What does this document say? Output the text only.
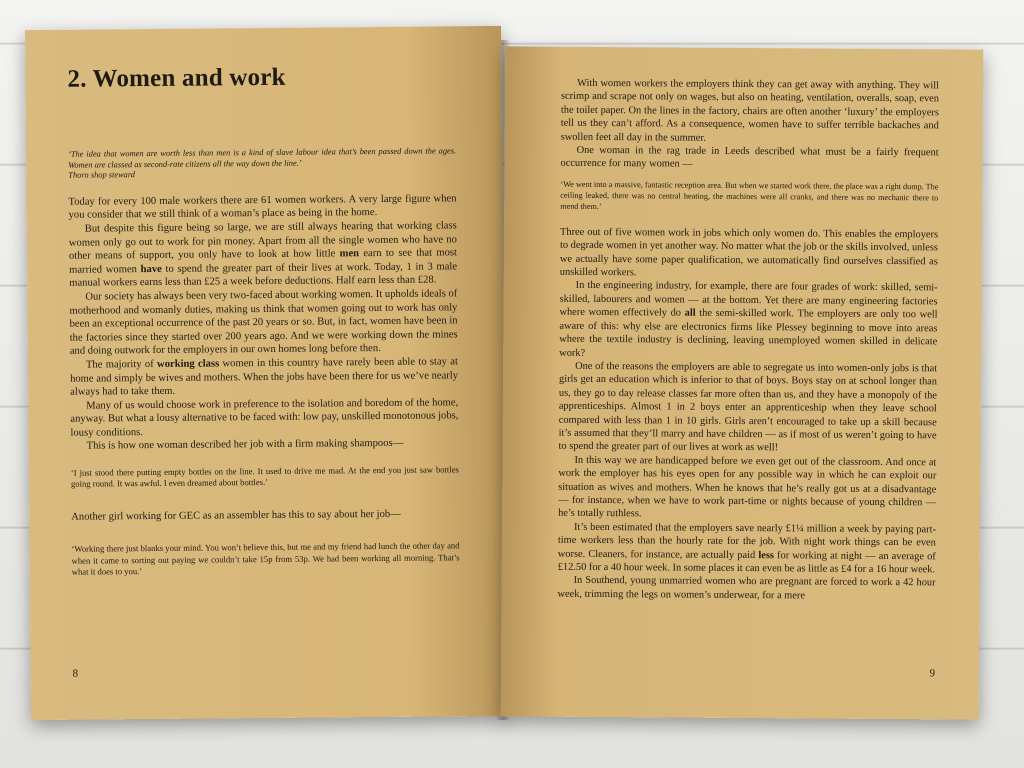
2. Women and work

‘The idea that women are worth less than men is a kind of slave labour idea that’s been passed down the ages. Women are classed as second-rate citizens all the way down the line.’

Thorn shop steward

Today for every 100 male workers there are 61 women workers. A very large figure when you consider that we still think of a woman’s place as being in the home.

But despite this figure being so large, we are still always hearing that working class women only go out to work for pin money. Apart from all the single women who have no other means of support, you only have to look at how little men earn to see that most married women have to spend the greater part of their lives at work. Today, 1 in 3 male manual workers earns less than £25 a week before deductions. Half earn less than £28.

Our society has always been very two-faced about working women. It upholds ideals of motherhood and womanly duties, making us think that women going out to work has only been an exceptional occurrence of the past 20 years or so. But, in fact, women have been in the factories since they started over 200 years ago. And we were working down the mines and doing outwork for the employers in our own homes long before then.

The majority of working class women in this country have rarely been able to stay at home and simply be wives and mothers. When the jobs have been there for us we’ve nearly always had to take them.

Many of us would choose work in preference to the isolation and boredom of the home, anyway. But what a lousy alternative to be faced with: low pay, unskilled monotonous jobs, lousy conditions.

This is how one woman described her job with a firm making shampoos—

‘I just stood there putting empty bottles on the line. It used to drive me mad. At the end you just saw bottles going round. It was awful. I even dreamed about bottles.’

Another girl working for GEC as an assembler has this to say about her job—

‘Working there just blanks your mind. You won’t believe this, but me and my friend had lunch the other day and when it came to sorting out paying we couldn’t take 15p from 53p. We had been working all morning. That’s what it does to you.’

8

With women workers the employers think they can get away with anything. They will scrimp and scrape not only on wages, but also on heating, ventilation, overalls, soap, even the toilet paper. On the lines in the factory, chairs are often another ‘luxury’ the employers tell us they can’t afford. As a consequence, women have to suffer terrible backaches and swollen feet all day in the summer.

One woman in the rag trade in Leeds described what must be a fairly frequent occurrence for many women —

‘We went into a massive, fantastic reception area. But when we started work there, the place was a right dump. The ceiling leaked, there was no central heating, the machines were all cranks, and there was no mechanic there to mend them.’

Three out of five women work in jobs which only women do. This enables the employers to degrade women in yet another way. No matter what the job or the skills involved, unless we actually have some paper qualification, we automatically find ourselves classified as unskilled workers.

In the engineering industry, for example, there are four grades of work: skilled, semi-skilled, labourers and women — at the bottom. Yet there are many engineering factories where women effectively do all the semi-skilled work. The employers are only too well aware of this: why else are electronics firms like Plessey beginning to move into areas where the textile industry is declining, leaving unemployed women skilled in delicate work?

One of the reasons the employers are able to segregate us into women-only jobs is that girls get an education which is inferior to that of boys. Boys stay on at school longer than us, they go to day release classes far more often than us, and they have a monopoly of the apprenticeships. Almost 1 in 2 boys enter an apprenticeship when they leave school compared with less than 1 in 10 girls. Girls aren’t encouraged to take up a skill because it’s assumed that they’ll marry and have children — as if most of us weren’t going to have to spend the greater part of our lives at work as well!

In this way we are handicapped before we even get out of the classroom. And once at work the employer has his eyes open for any possible way in which he can exploit our situation as wives and mothers. When he knows that he’s really got us at a disadvantage — for instance, when we have to work part-time or nights because of young children — he’s totally ruthless.

It’s been estimated that the employers save nearly £1¼ million a week by paying part-time workers less than the hourly rate for the job. With night work things can be even worse. Cleaners, for instance, are actually paid less for working at night — an average of £12.50 for a 40 hour week. In some places it can even be as little as £4 for a 16 hour week.

In Southend, young unmarried women who are pregnant are forced to work a 42 hour week, trimming the legs on women’s underwear, for a mere

9
